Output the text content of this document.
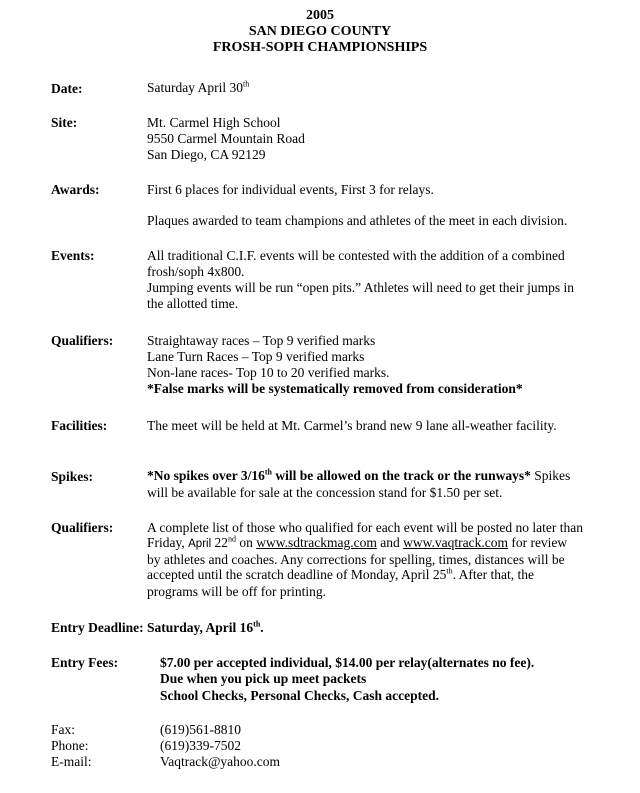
2005
SAN DIEGO COUNTY
FROSH-SOPH CHAMPIONSHIPS
Date:	Saturday April 30th
Site:	Mt. Carmel High School
9550 Carmel Mountain Road
San Diego, CA 92129
Awards:	First 6 places for individual events, First 3 for relays.
Plaques awarded to team champions and athletes of the meet in each division.
Events:	All traditional C.I.F. events will be contested with the addition of a combined
frosh/soph 4x800.
Jumping events will be run “open pits.” Athletes will need to get their jumps in
the allotted time.
Qualifiers:	Straightaway races – Top 9 verified marks
Lane Turn Races – Top 9 verified marks
Non-lane races- Top 10 to 20 verified marks.
*False marks will be systematically removed from consideration*
Facilities:	The meet will be held at Mt. Carmel’s brand new 9 lane all-weather facility.
Spikes:	*No spikes over 3/16th will be allowed on the track or the runways* Spikes
will be available for sale at the concession stand for $1.50 per set.
Qualifiers:	A complete list of those who qualified for each event will be posted no later than
Friday, April 22nd on www.sdtrackmag.com and www.vaqtrack.com for review
by athletes and coaches. Any corrections for spelling, times, distances will be
accepted until the scratch deadline of Monday, April 25th. After that, the
programs will be off for printing.
Entry Deadline: Saturday, April 16th.
Entry Fees:	$7.00 per accepted individual, $14.00 per relay(alternates no fee).
Due when you pick up meet packets
School Checks, Personal Checks, Cash accepted.
Fax:	(619)561-8810
Phone:	(619)339-7502
E-mail:	Vaqtrack@yahoo.com
